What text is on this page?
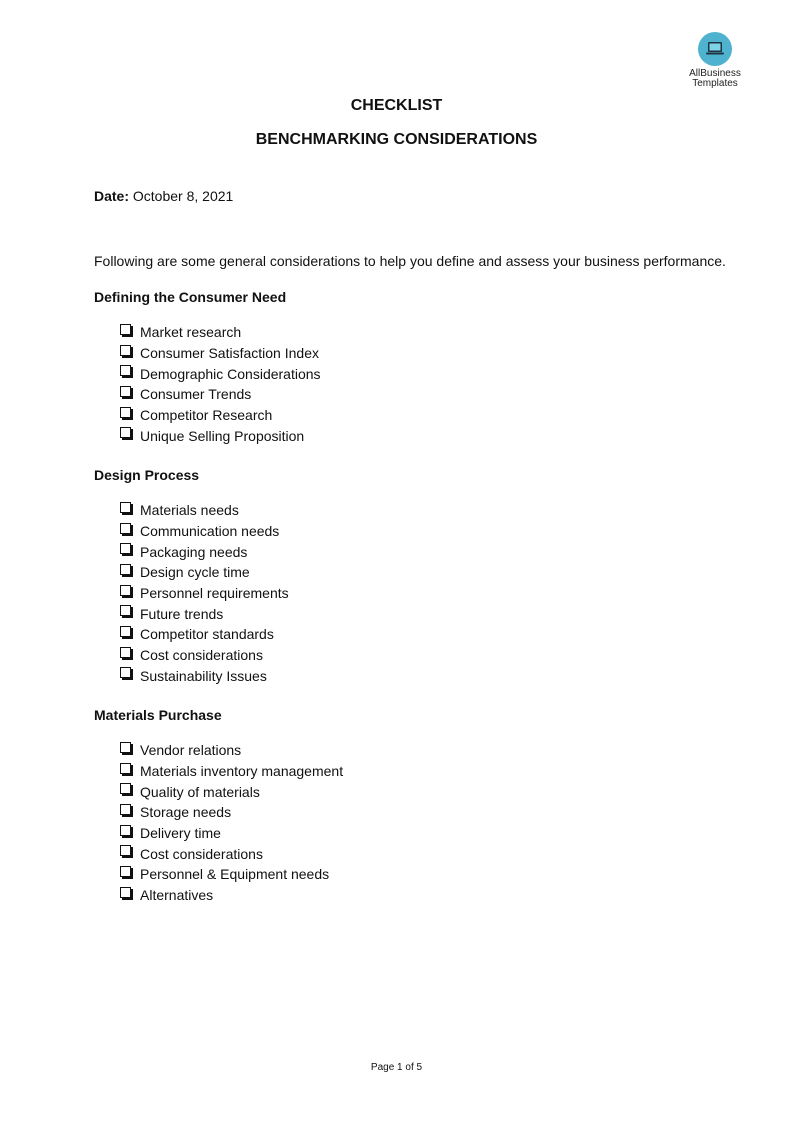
AllBusiness
Templates
CHECKLIST
BENCHMARKING CONSIDERATIONS
Date: October 8, 2021
Following are some general considerations to help you define and assess your business performance.
Defining the Consumer Need
Market research
Consumer Satisfaction Index
Demographic Considerations
Consumer Trends
Competitor Research
Unique Selling Proposition
Design Process
Materials needs
Communication needs
Packaging needs
Design cycle time
Personnel requirements
Future trends
Competitor standards
Cost considerations
Sustainability Issues
Materials Purchase
Vendor relations
Materials inventory management
Quality of materials
Storage needs
Delivery time
Cost considerations
Personnel & Equipment needs
Alternatives
Page 1 of 5
